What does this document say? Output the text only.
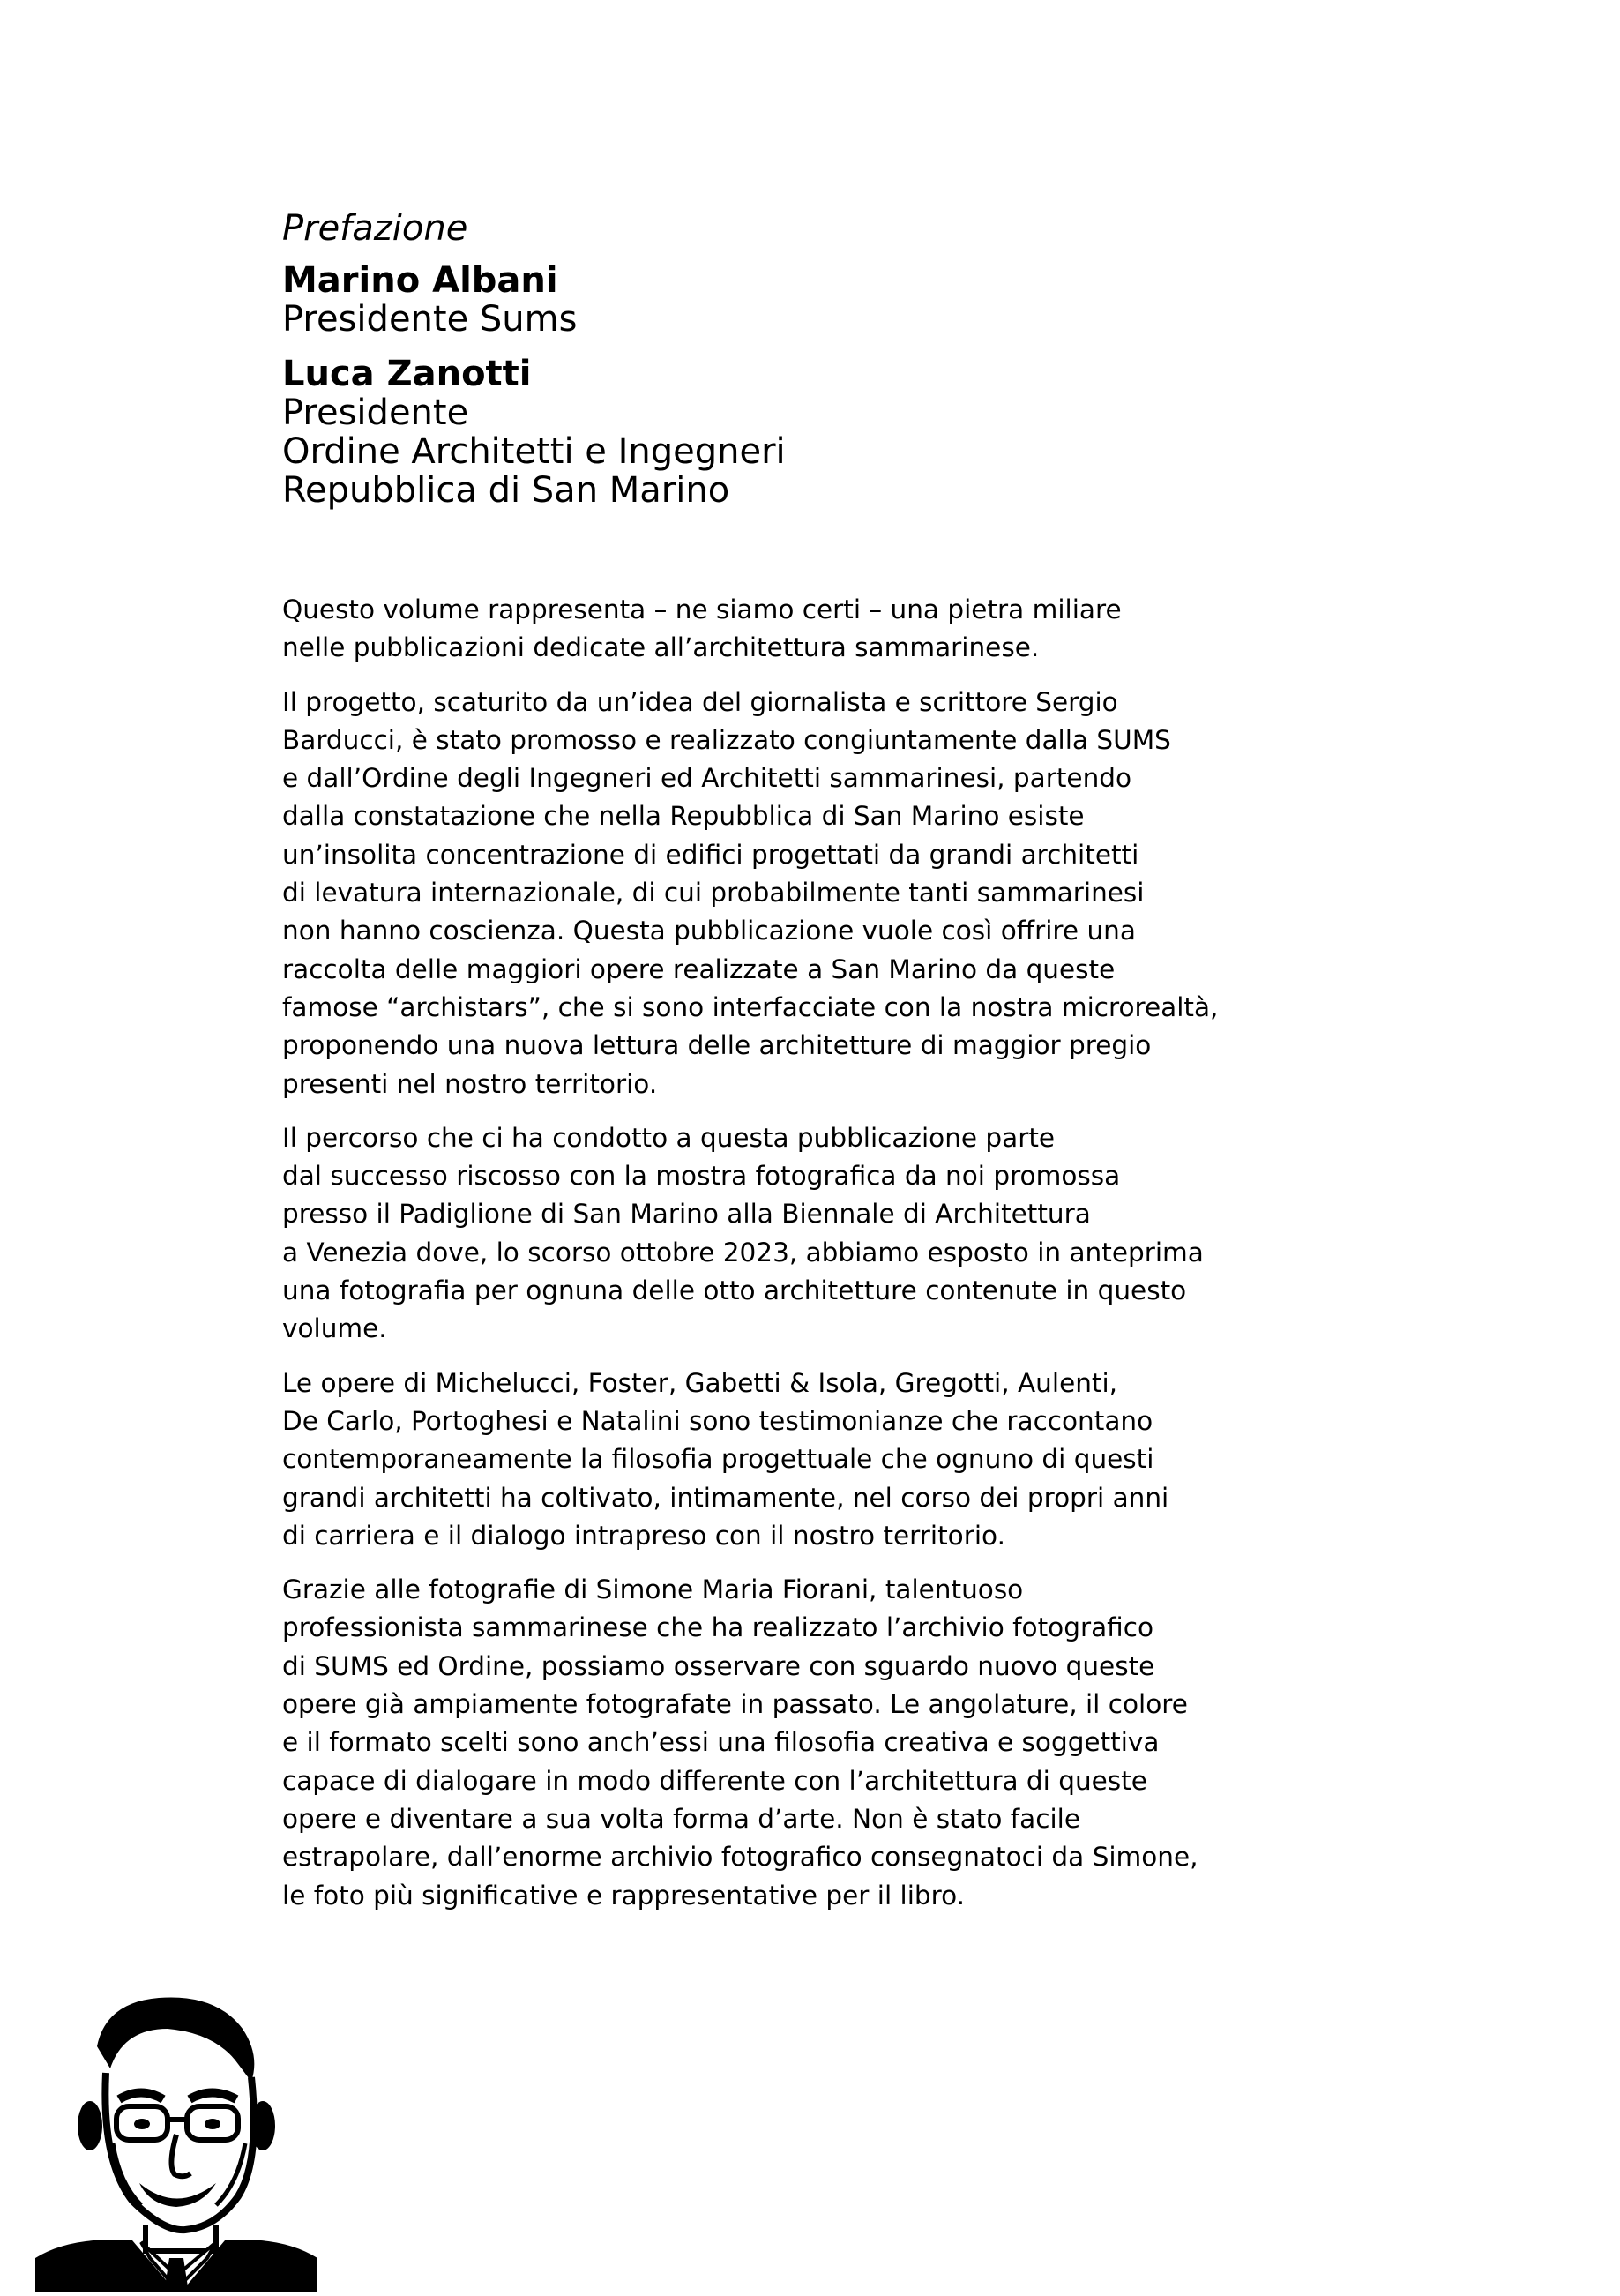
Prefazione
Marino Albani
Presidente Sums
Luca Zanotti
Presidente
Ordine Architetti e Ingegneri
Repubblica di San Marino

Questo volume rappresenta – ne siamo certi – una pietra miliare
nelle pubblicazioni dedicate all’architettura sammarinese.

Il progetto, scaturito da un’idea del giornalista e scrittore Sergio
Barducci, è stato promosso e realizzato congiuntamente dalla SUMS
e dall’Ordine degli Ingegneri ed Architetti sammarinesi, partendo
dalla constatazione che nella Repubblica di San Marino esiste
un’insolita concentrazione di edifici progettati da grandi architetti
di levatura internazionale, di cui probabilmente tanti sammarinesi
non hanno coscienza. Questa pubblicazione vuole così offrire una
raccolta delle maggiori opere realizzate a San Marino da queste
famose “archistars”, che si sono interfacciate con la nostra microrealtà,
proponendo una nuova lettura delle architetture di maggior pregio
presenti nel nostro territorio.

Il percorso che ci ha condotto a questa pubblicazione parte
dal successo riscosso con la mostra fotografica da noi promossa
presso il Padiglione di San Marino alla Biennale di Architettura
a Venezia dove, lo scorso ottobre 2023, abbiamo esposto in anteprima
una fotografia per ognuna delle otto architetture contenute in questo
volume.

Le opere di Michelucci, Foster, Gabetti & Isola, Gregotti, Aulenti,
De Carlo, Portoghesi e Natalini sono testimonianze che raccontano
contemporaneamente la filosofia progettuale che ognuno di questi
grandi architetti ha coltivato, intimamente, nel corso dei propri anni
di carriera e il dialogo intrapreso con il nostro territorio.

Grazie alle fotografie di Simone Maria Fiorani, talentuoso
professionista sammarinese che ha realizzato l’archivio fotografico
di SUMS ed Ordine, possiamo osservare con sguardo nuovo queste
opere già ampiamente fotografate in passato. Le angolature, il colore
e il formato scelti sono anch’essi una filosofia creativa e soggettiva
capace di dialogare in modo differente con l’architettura di queste
opere e diventare a sua volta forma d’arte. Non è stato facile
estrapolare, dall’enorme archivio fotografico consegnatoci da Simone,
le foto più significative e rappresentative per il libro.
